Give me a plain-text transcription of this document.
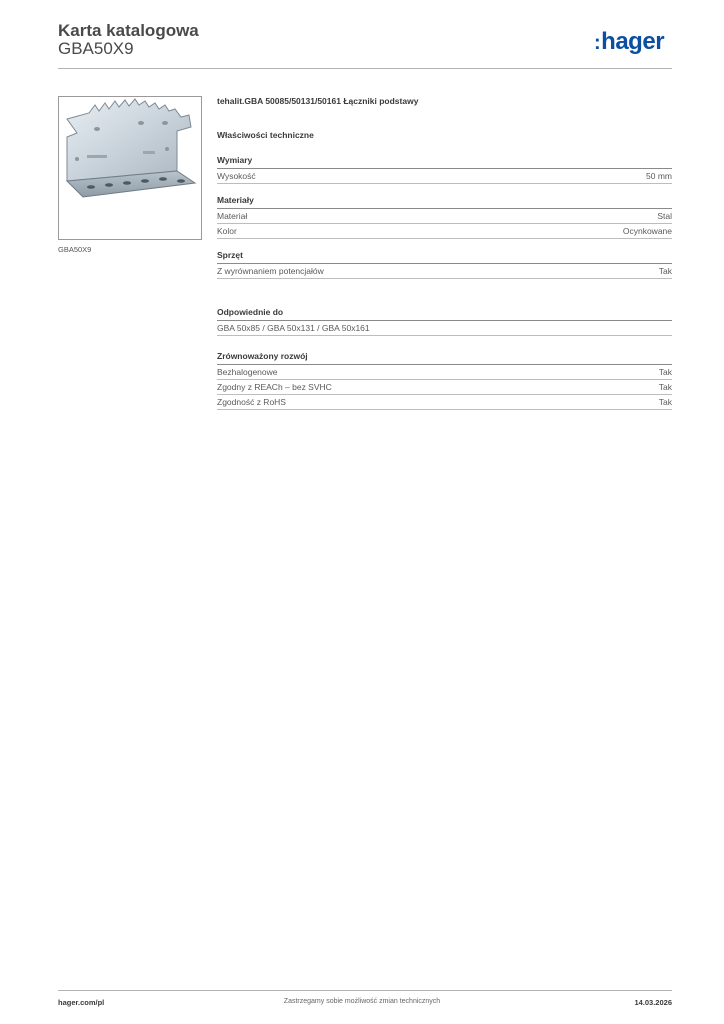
Karta katalogowa
GBA50X9	:hager
GBA50X9
tehalit.GBA 50085/50131/50161 Łączniki podstawy
Właściwości techniczne
Wymiary
Wysokość	50 mm
Materiały
Materiał	Stal
Kolor	Ocynkowane
Sprzęt
Z wyrównaniem potencjałów	Tak
Odpowiednie do
GBA 50x85 / GBA 50x131 / GBA 50x161
Zrównoważony rozwój
Bezhalogenowe	Tak
Zgodny z REACh – bez SVHC	Tak
Zgodność z RoHS	Tak
hager.com/pl	Zastrzegamy sobie możliwość zmian technicznych	14.03.2026
